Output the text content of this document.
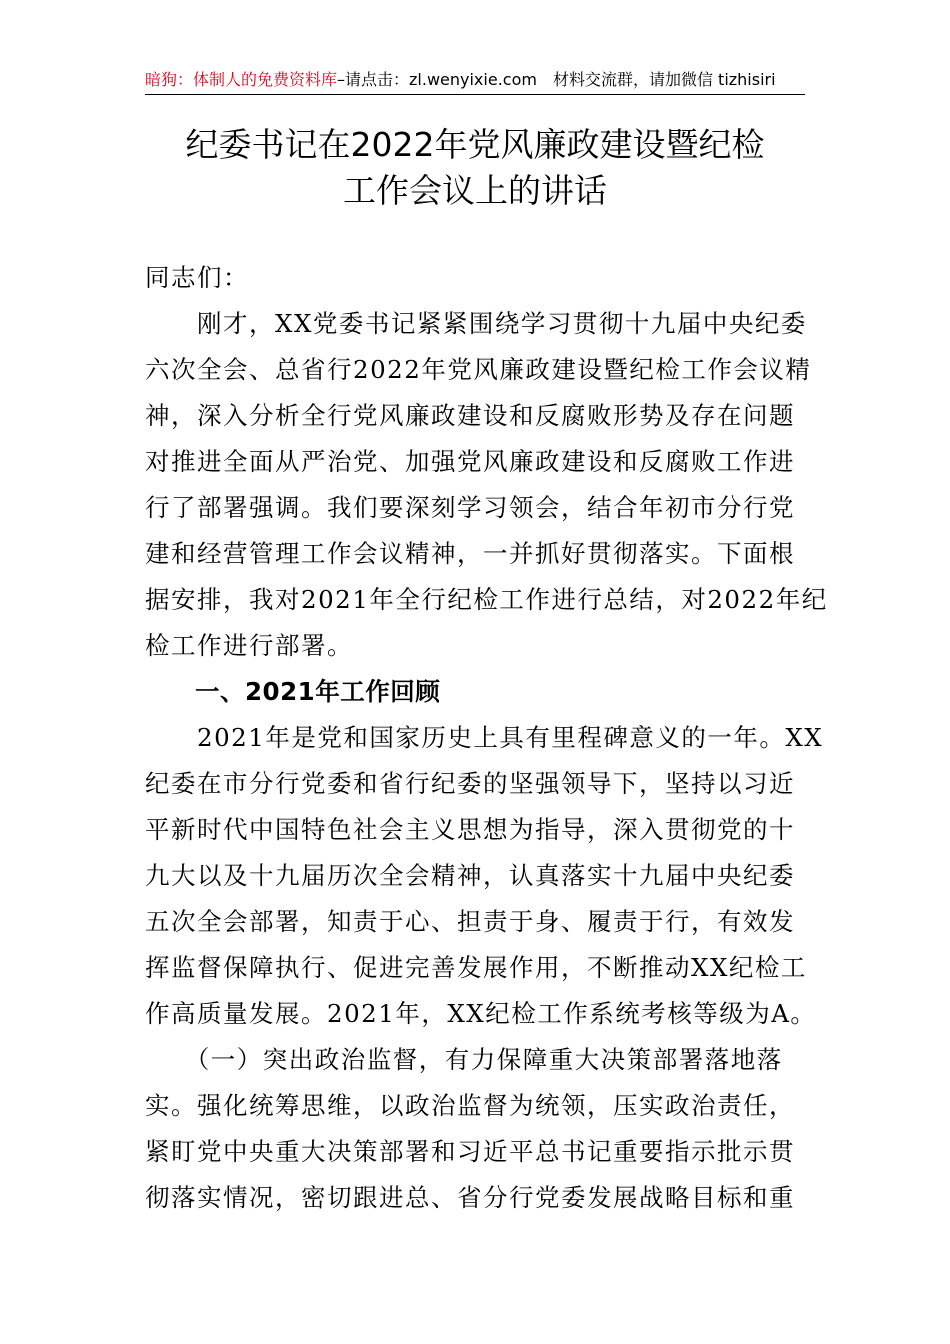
暗狗：体制人的免费资料库–请点击：zl.wenyixie.com 材料交流群，请加微信 tizhisiri
纪委书记在2022年党风廉政建设暨纪检
工作会议上的讲话

同志们：

　　刚才，XX党委书记紧紧围绕学习贯彻十九届中央纪委

六次全会、总省行2022年党风廉政建设暨纪检工作会议精

神，深入分析全行党风廉政建设和反腐败形势及存在问题

对推进全面从严治党、加强党风廉政建设和反腐败工作进

行了部署强调。我们要深刻学习领会，结合年初市分行党

建和经营管理工作会议精神，一并抓好贯彻落实。下面根

据安排，我对2021年全行纪检工作进行总结，对2022年纪

检工作进行部署。

　　一、2021年工作回顾

　　2021年是党和国家历史上具有里程碑意义的一年。XX

纪委在市分行党委和省行纪委的坚强领导下，坚持以习近

平新时代中国特色社会主义思想为指导，深入贯彻党的十

九大以及十九届历次全会精神，认真落实十九届中央纪委

五次全会部署，知责于心、担责于身、履责于行，有效发

挥监督保障执行、促进完善发展作用，不断推动XX纪检工

作高质量发展。2021年，XX纪检工作系统考核等级为A。

　　（一）突出政治监督，有力保障重大决策部署落地落

实。强化统筹思维，以政治监督为统领，压实政治责任，

紧盯党中央重大决策部署和习近平总书记重要指示批示贯

彻落实情况，密切跟进总、省分行党委发展战略目标和重
